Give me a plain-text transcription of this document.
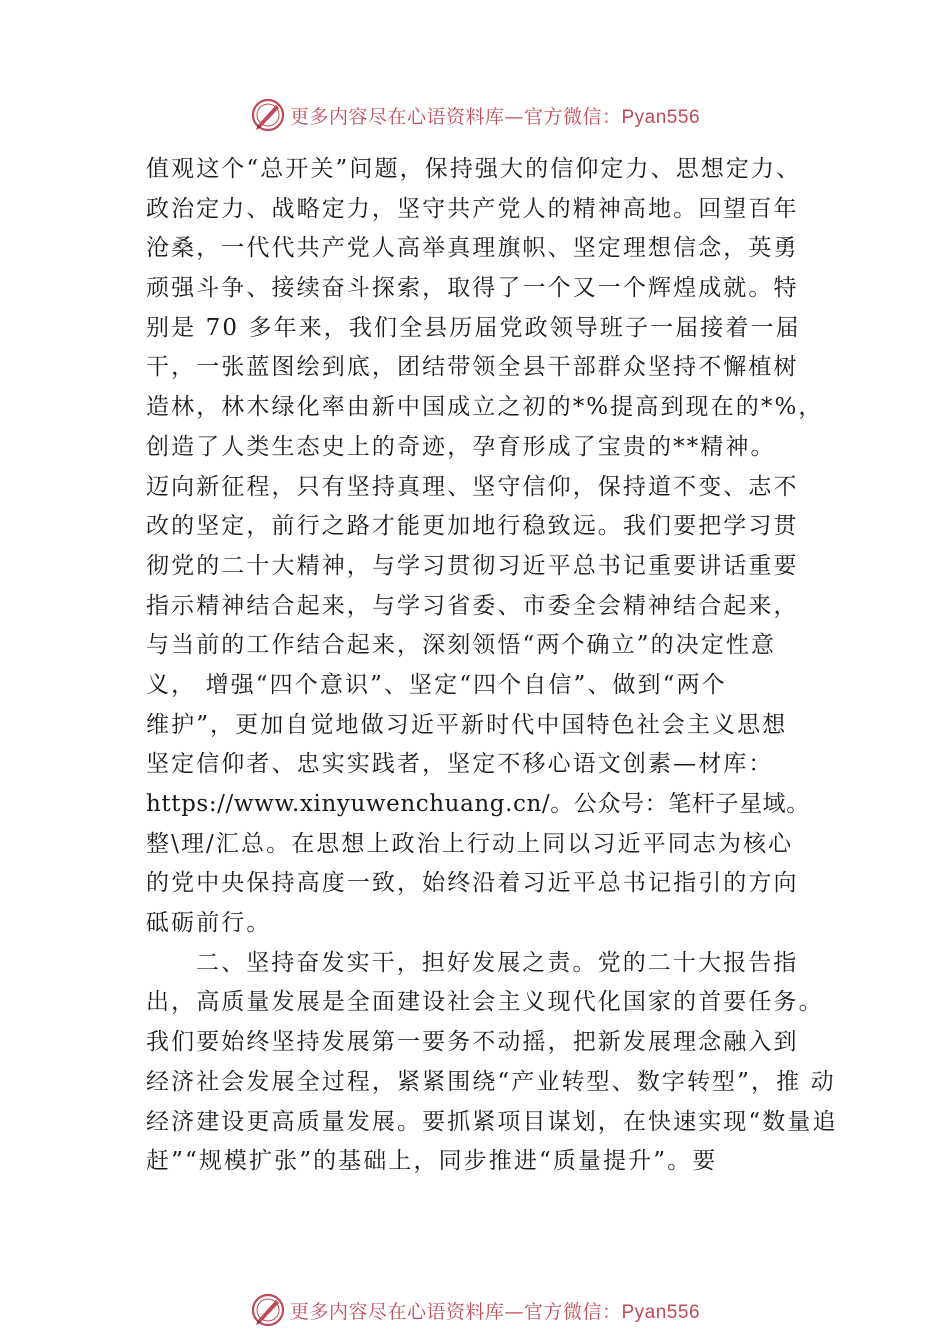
更多内容尽在心语资料库—官方微信：Pyan556
值观这个“总开关”问题，保持强大的信仰定力、思想定力、
政治定力、战略定力，坚守共产党人的精神高地。回望百年
沧桑，一代代共产党人高举真理旗帜、坚定理想信念，英勇
顽强斗争、接续奋斗探索，取得了一个又一个辉煌成就。特
别是 70 多年来，我们全县历届党政领导班子一届接着一届
干，一张蓝图绘到底，团结带领全县干部群众坚持不懈植树
造林，林木绿化率由新中国成立之初的*%提高到现在的*%，
创造了人类生态史上的奇迹，孕育形成了宝贵的**精神。
迈向新征程，只有坚持真理、坚守信仰，保持道不变、志不
改的坚定，前行之路才能更加地行稳致远。我们要把学习贯
彻党的二十大精神，与学习贯彻习近平总书记重要讲话重要
指示精神结合起来，与学习省委、市委全会精神结合起来，
与当前的工作结合起来，深刻领悟“两个确立”的决定性意
义， 增强“四个意识”、坚定“四个自信”、做到“两个
维护”，更加自觉地做习近平新时代中国特色社会主义思想
坚定信仰者、忠实实践者，坚定不移心语文创素—材库：
https://www.xinyuwenchuang.cn/。公众号：笔杆子星域。
整\理/汇总。在思想上政治上行动上同以习近平同志为核心
的党中央保持高度一致，始终沿着习近平总书记指引的方向
砥砺前行。
二、坚持奋发实干，担好发展之责。党的二十大报告指
出，高质量发展是全面建设社会主义现代化国家的首要任务。
我们要始终坚持发展第一要务不动摇，把新发展理念融入到
经济社会发展全过程，紧紧围绕“产业转型、数字转型”，推 动
经济建设更高质量发展。要抓紧项目谋划，在快速实现“数量追
赶”“规模扩张”的基础上，同步推进“质量提升”。要
更多内容尽在心语资料库—官方微信：Pyan556
